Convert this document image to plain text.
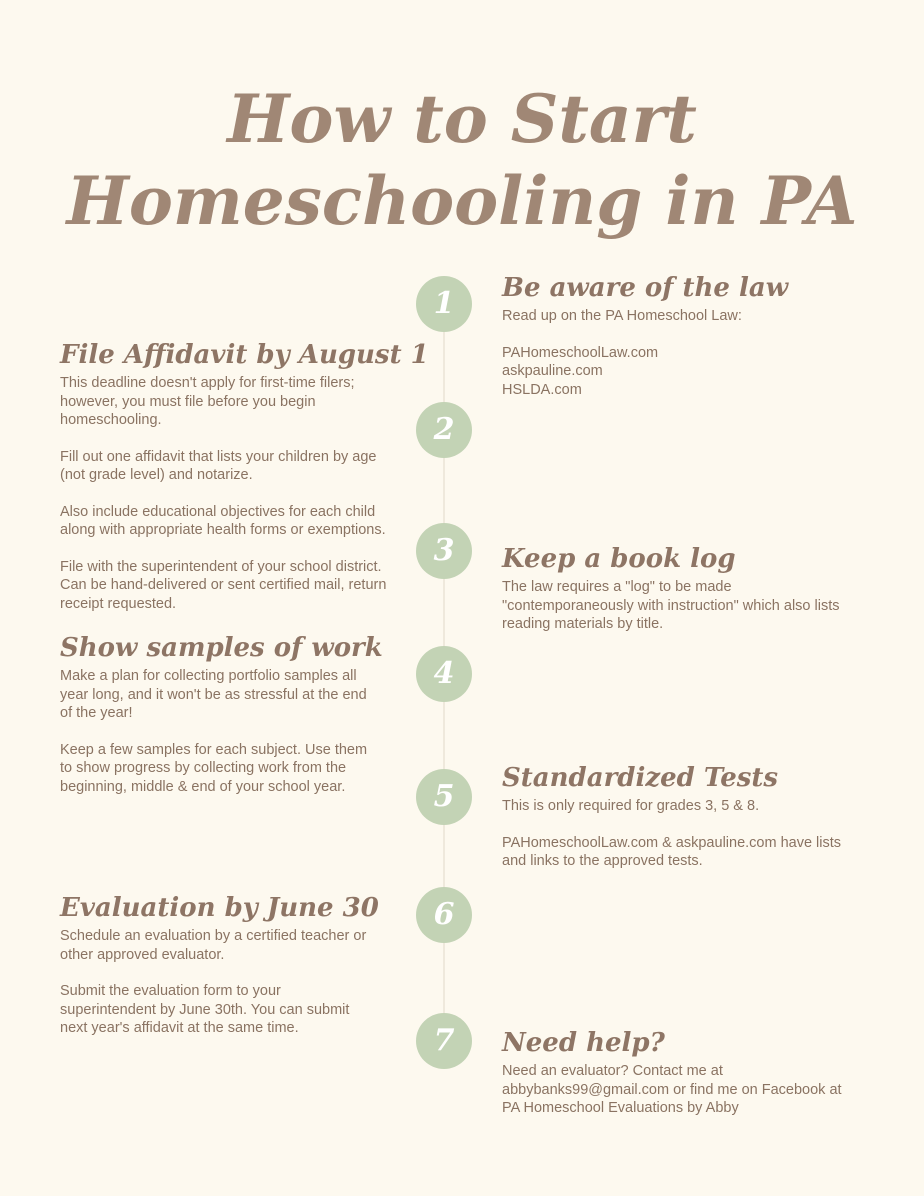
How to Start
Homeschooling in PA
1
2
3
4
5
6
7
Be aware of the law

Read up on the PA Homeschool Law:

PAHomeschoolLaw.com
askpauline.com
HSLDA.com
File Affidavit by August 1

This deadline doesn't apply for first-time filers; however, you must file before you begin homeschooling.

Fill out one affidavit that lists your children by age (not grade level) and notarize.

Also include educational objectives for each child along with appropriate health forms or exemptions.

File with the superintendent of your school district. Can be hand-delivered or sent certified mail, return receipt requested.

Keep a book log

The law requires a "log" to be made "contemporaneously with instruction" which also lists reading materials by title.

Show samples of work

Make a plan for collecting portfolio samples all year long, and it won't be as stressful at the end of the year!

Keep a few samples for each subject. Use them to show progress by collecting work from the beginning, middle & end of your school year.	Standardized Tests

This is only required for grades 3, 5 & 8.

PAHomeschoolLaw.com & askpauline.com have lists and links to the approved tests.

Evaluation by June 30

Schedule an evaluation by a certified teacher or other approved evaluator.

Submit the evaluation form to your superintendent by June 30th. You can submit next year's affidavit at the same time.	Need help?

Need an evaluator? Contact me at abbybanks99@gmail.com or find me on Facebook at PA Homeschool Evaluations by Abby
